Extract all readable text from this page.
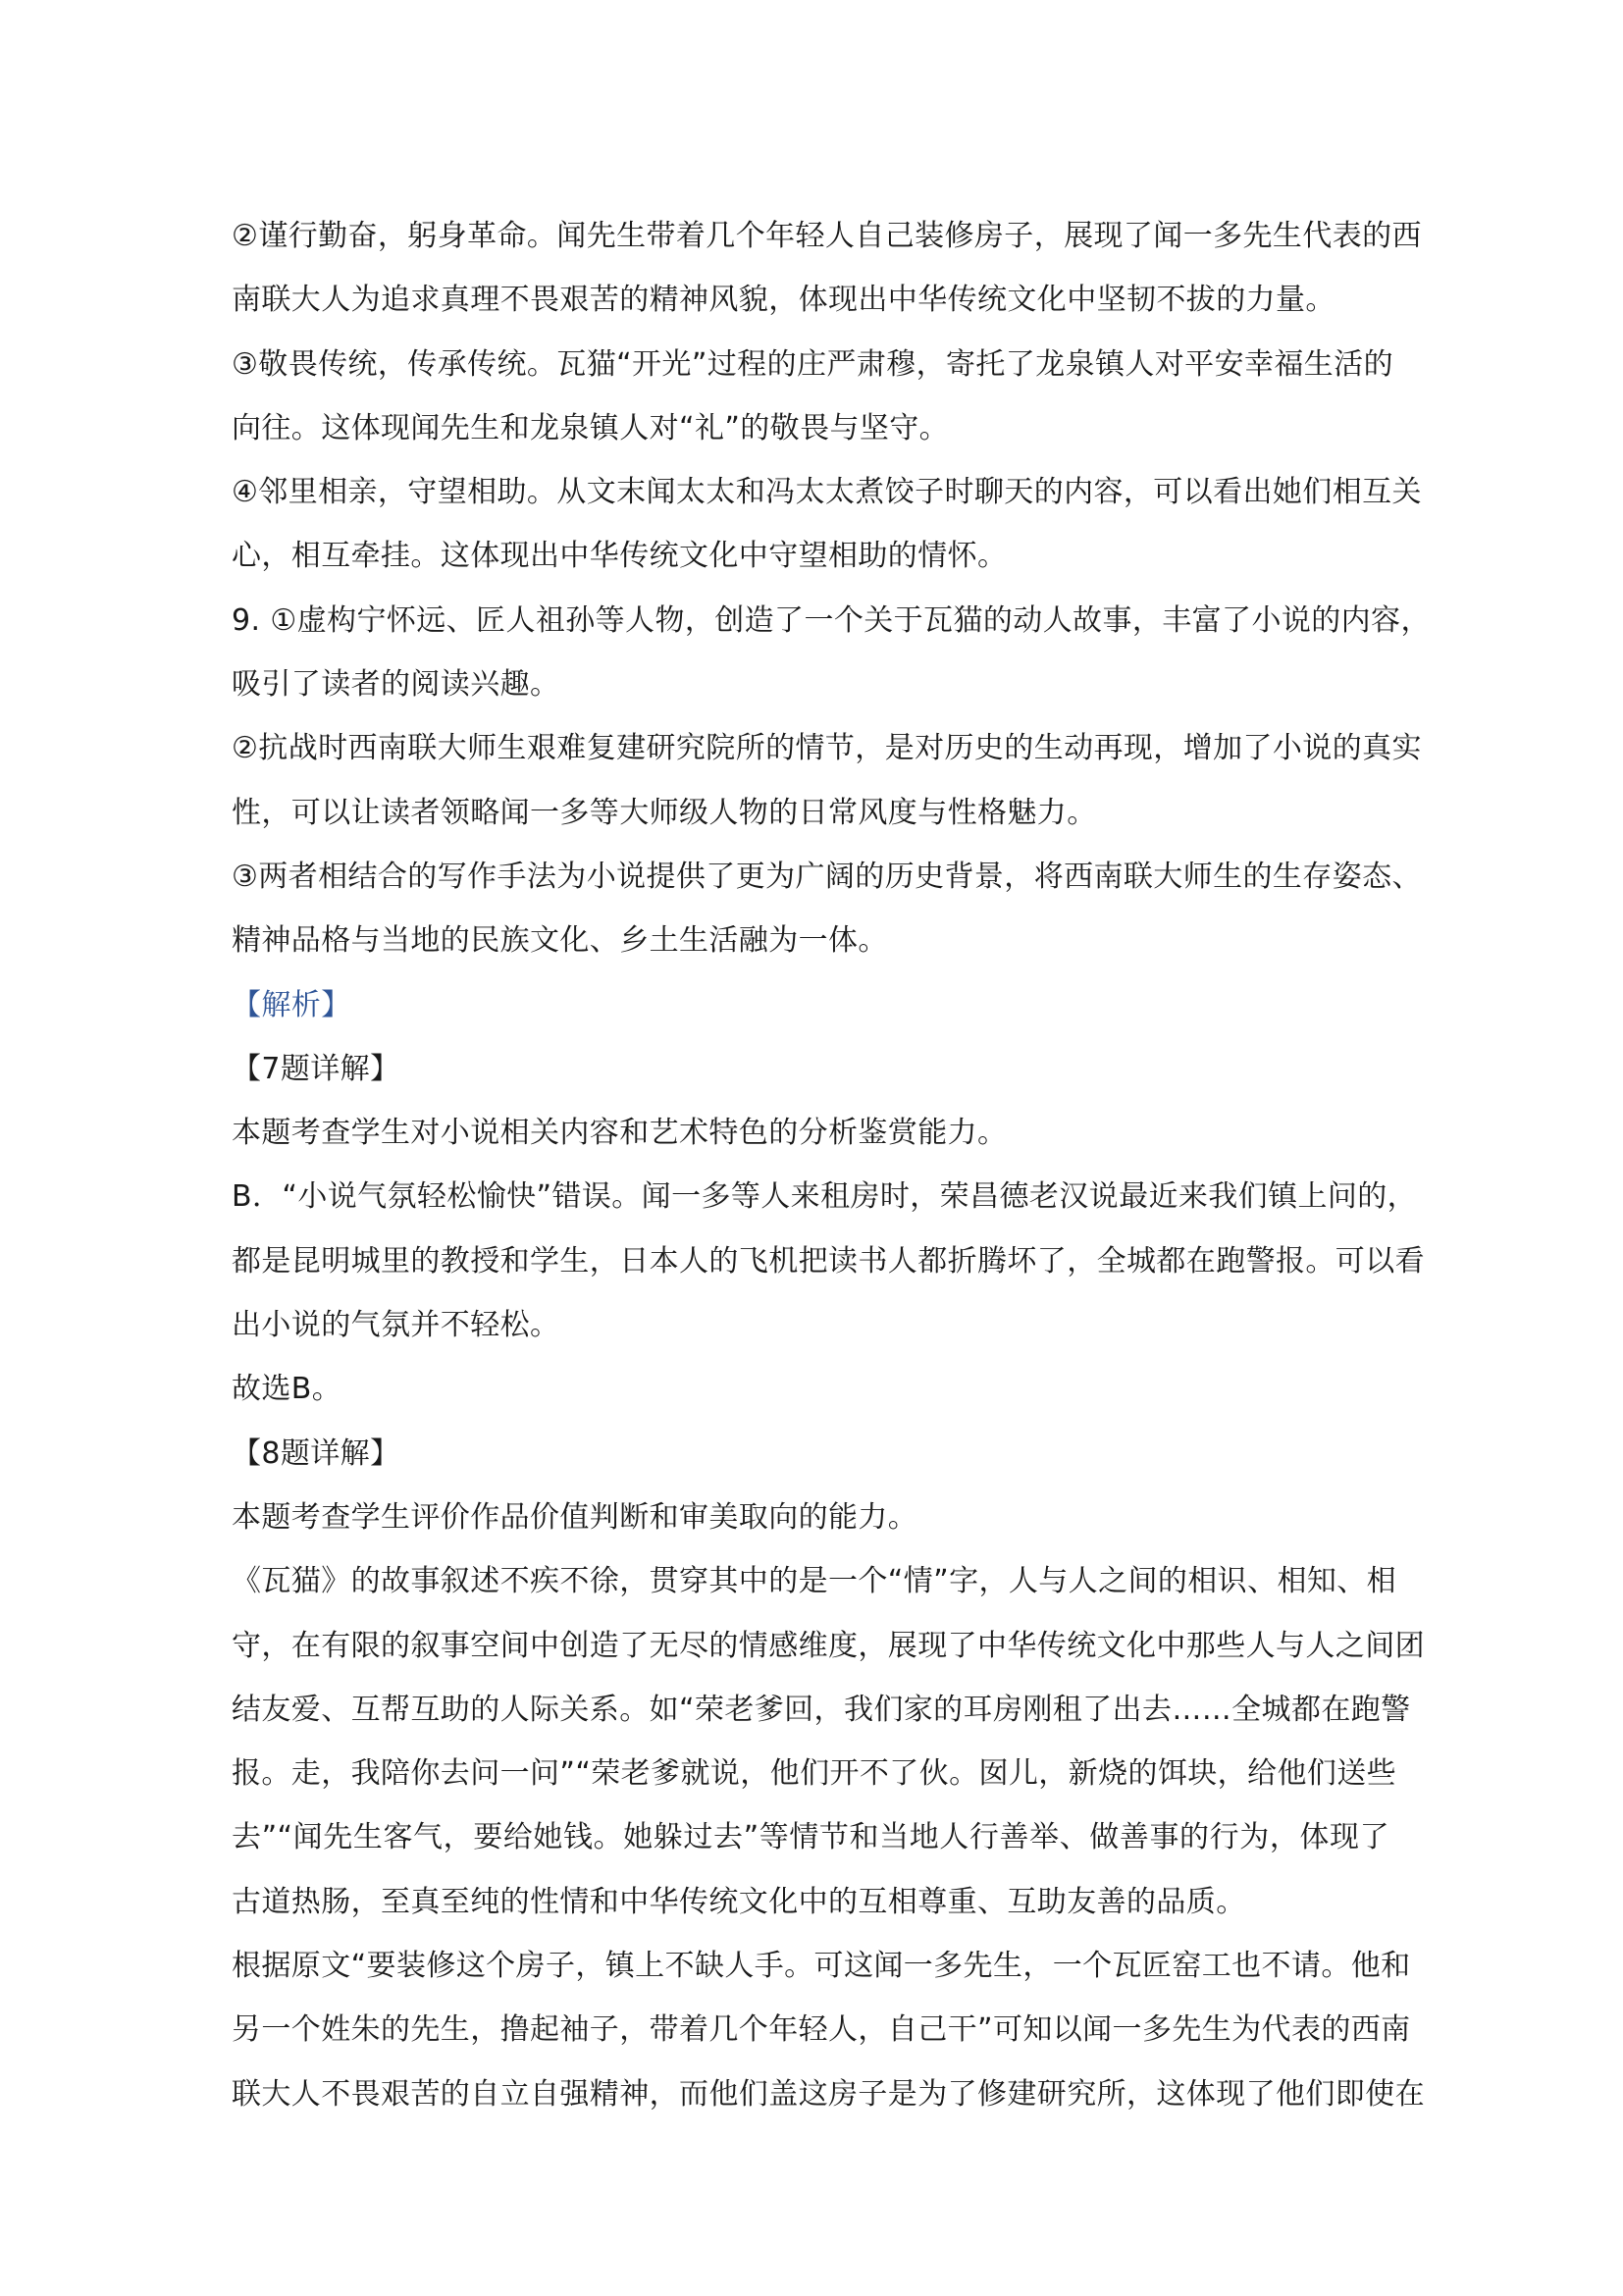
②谨行勤奋，躬身革命。闻先生带着几个年轻人自己装修房子，展现了闻一多先生代表的西
南联大人为追求真理不畏艰苦的精神风貌，体现出中华传统文化中坚韧不拔的力量。
③敬畏传统，传承传统。瓦猫“开光”过程的庄严肃穆，寄托了龙泉镇人对平安幸福生活的
向往。这体现闻先生和龙泉镇人对“礼”的敬畏与坚守。
④邻里相亲，守望相助。从文末闻太太和冯太太煮饺子时聊天的内容，可以看出她们相互关
心，相互牵挂。这体现出中华传统文化中守望相助的情怀。
9. ①虚构宁怀远、匠人祖孙等人物，创造了一个关于瓦猫的动人故事，丰富了小说的内容，
吸引了读者的阅读兴趣。
②抗战时西南联大师生艰难复建研究院所的情节，是对历史的生动再现，增加了小说的真实
性，可以让读者领略闻一多等大师级人物的日常风度与性格魅力。
③两者相结合的写作手法为小说提供了更为广阔的历史背景，将西南联大师生的生存姿态、
精神品格与当地的民族文化、乡土生活融为一体。
【解析】
【7题详解】
本题考查学生对小说相关内容和艺术特色的分析鉴赏能力。
B．“小说气氛轻松愉快”错误。闻一多等人来租房时，荣昌德老汉说最近来我们镇上问的，
都是昆明城里的教授和学生，日本人的飞机把读书人都折腾坏了，全城都在跑警报。可以看
出小说的气氛并不轻松。
故选B。
【8题详解】
本题考查学生评价作品价值判断和审美取向的能力。
《瓦猫》的故事叙述不疾不徐，贯穿其中的是一个“情”字，人与人之间的相识、相知、相
守，在有限的叙事空间中创造了无尽的情感维度，展现了中华传统文化中那些人与人之间团
结友爱、互帮互助的人际关系。如“荣老爹回，我们家的耳房刚租了出去……全城都在跑警
报。走，我陪你去问一问”“荣老爹就说，他们开不了伙。囡儿，新烧的饵块，给他们送些
去”“闻先生客气，要给她钱。她躲过去”等情节和当地人行善举、做善事的行为，体现了
古道热肠，至真至纯的性情和中华传统文化中的互相尊重、互助友善的品质。
根据原文“要装修这个房子，镇上不缺人手。可这闻一多先生，一个瓦匠窑工也不请。他和
另一个姓朱的先生，撸起袖子，带着几个年轻人，自己干”可知以闻一多先生为代表的西南
联大人不畏艰苦的自立自强精神，而他们盖这房子是为了修建研究所，这体现了他们即使在
